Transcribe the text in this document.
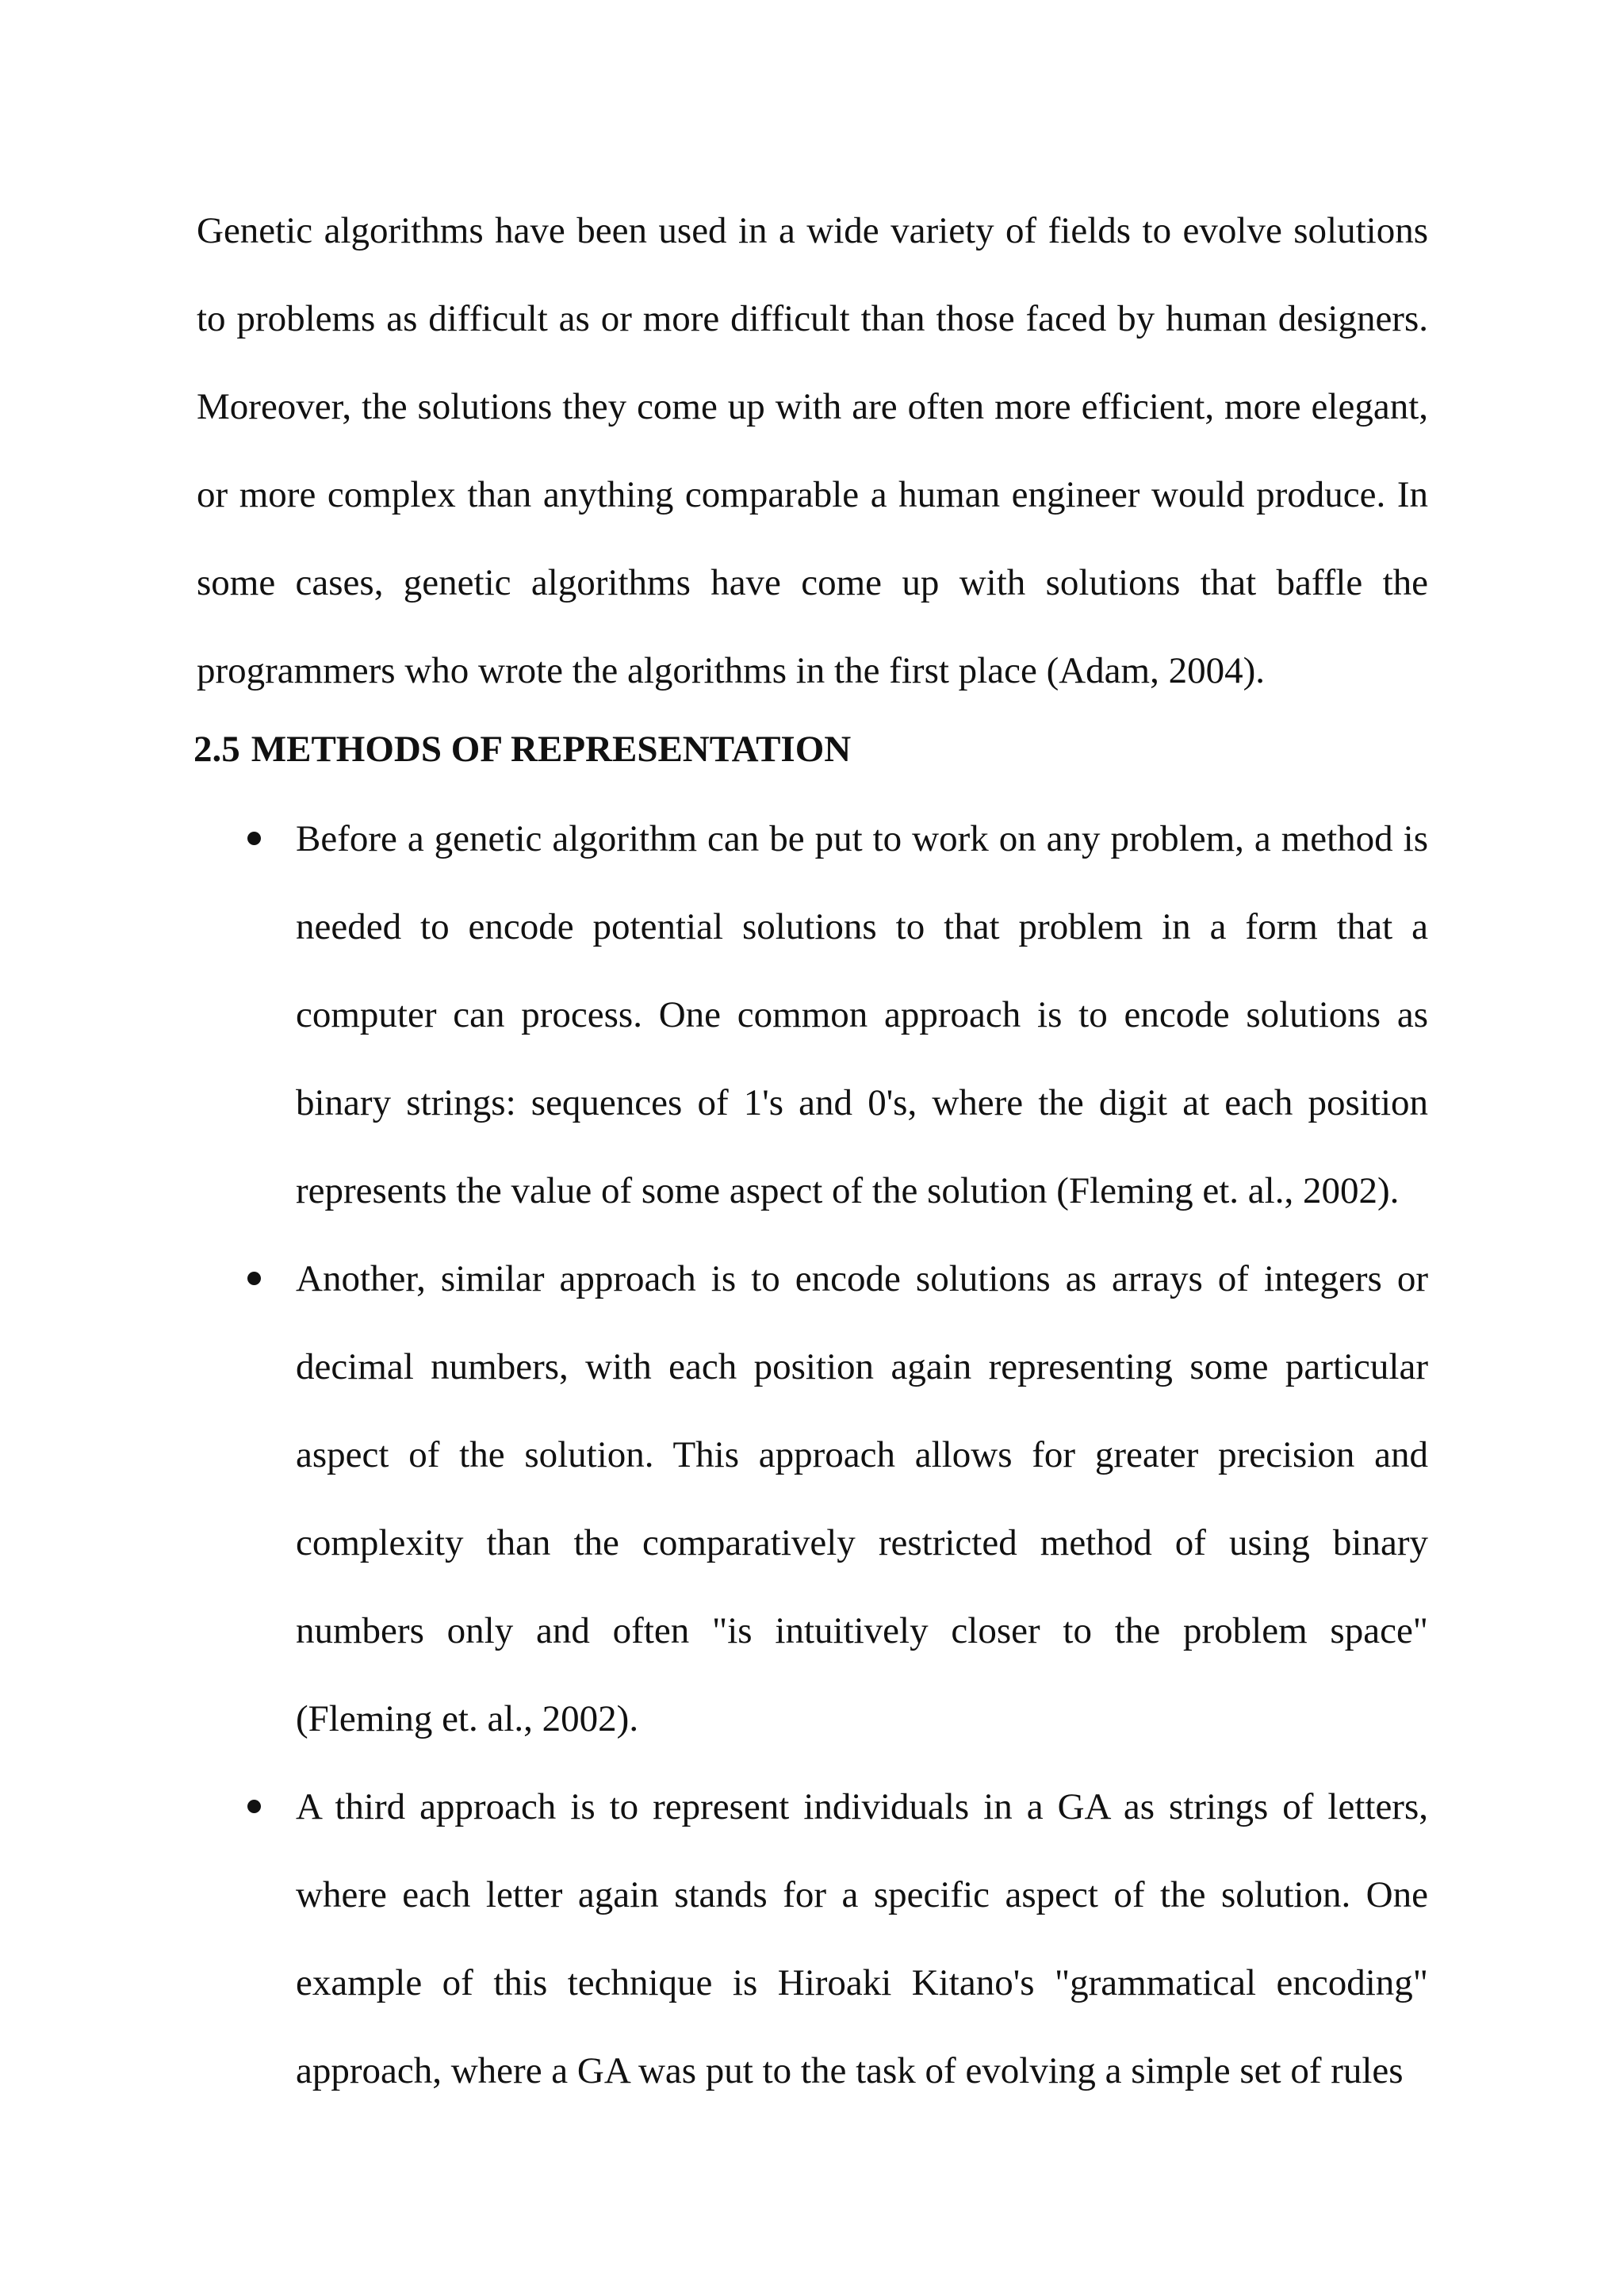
Genetic algorithms have been used in a wide variety of fields to evolve solutions to problems as difficult as or more difficult than those faced by human designers. Moreover, the solutions they come up with are often more efficient, more elegant, or more complex than anything comparable a human engineer would produce. In some cases, genetic algorithms have come up with solutions that baffle the programmers who wrote the algorithms in the first place (Adam, 2004).

2.5 METHODS OF REPRESENTATION

Before a genetic algorithm can be put to work on any problem, a method is needed to encode potential solutions to that problem in a form that a computer can process. One common approach is to encode solutions as binary strings: sequences of 1's and 0's, where the digit at each position represents the value of some aspect of the solution (Fleming et. al., 2002).

Another, similar approach is to encode solutions as arrays of integers or decimal numbers, with each position again representing some particular aspect of the solution. This approach allows for greater precision and complexity than the comparatively restricted method of using binary numbers only and often "is intuitively closer to the problem space" (Fleming et. al., 2002).

A third approach is to represent individuals in a GA as strings of letters, where each letter again stands for a specific aspect of the solution. One example of this technique is Hiroaki Kitano's "grammatical encoding" approach, where a GA was put to the task of evolving a simple set of rules
